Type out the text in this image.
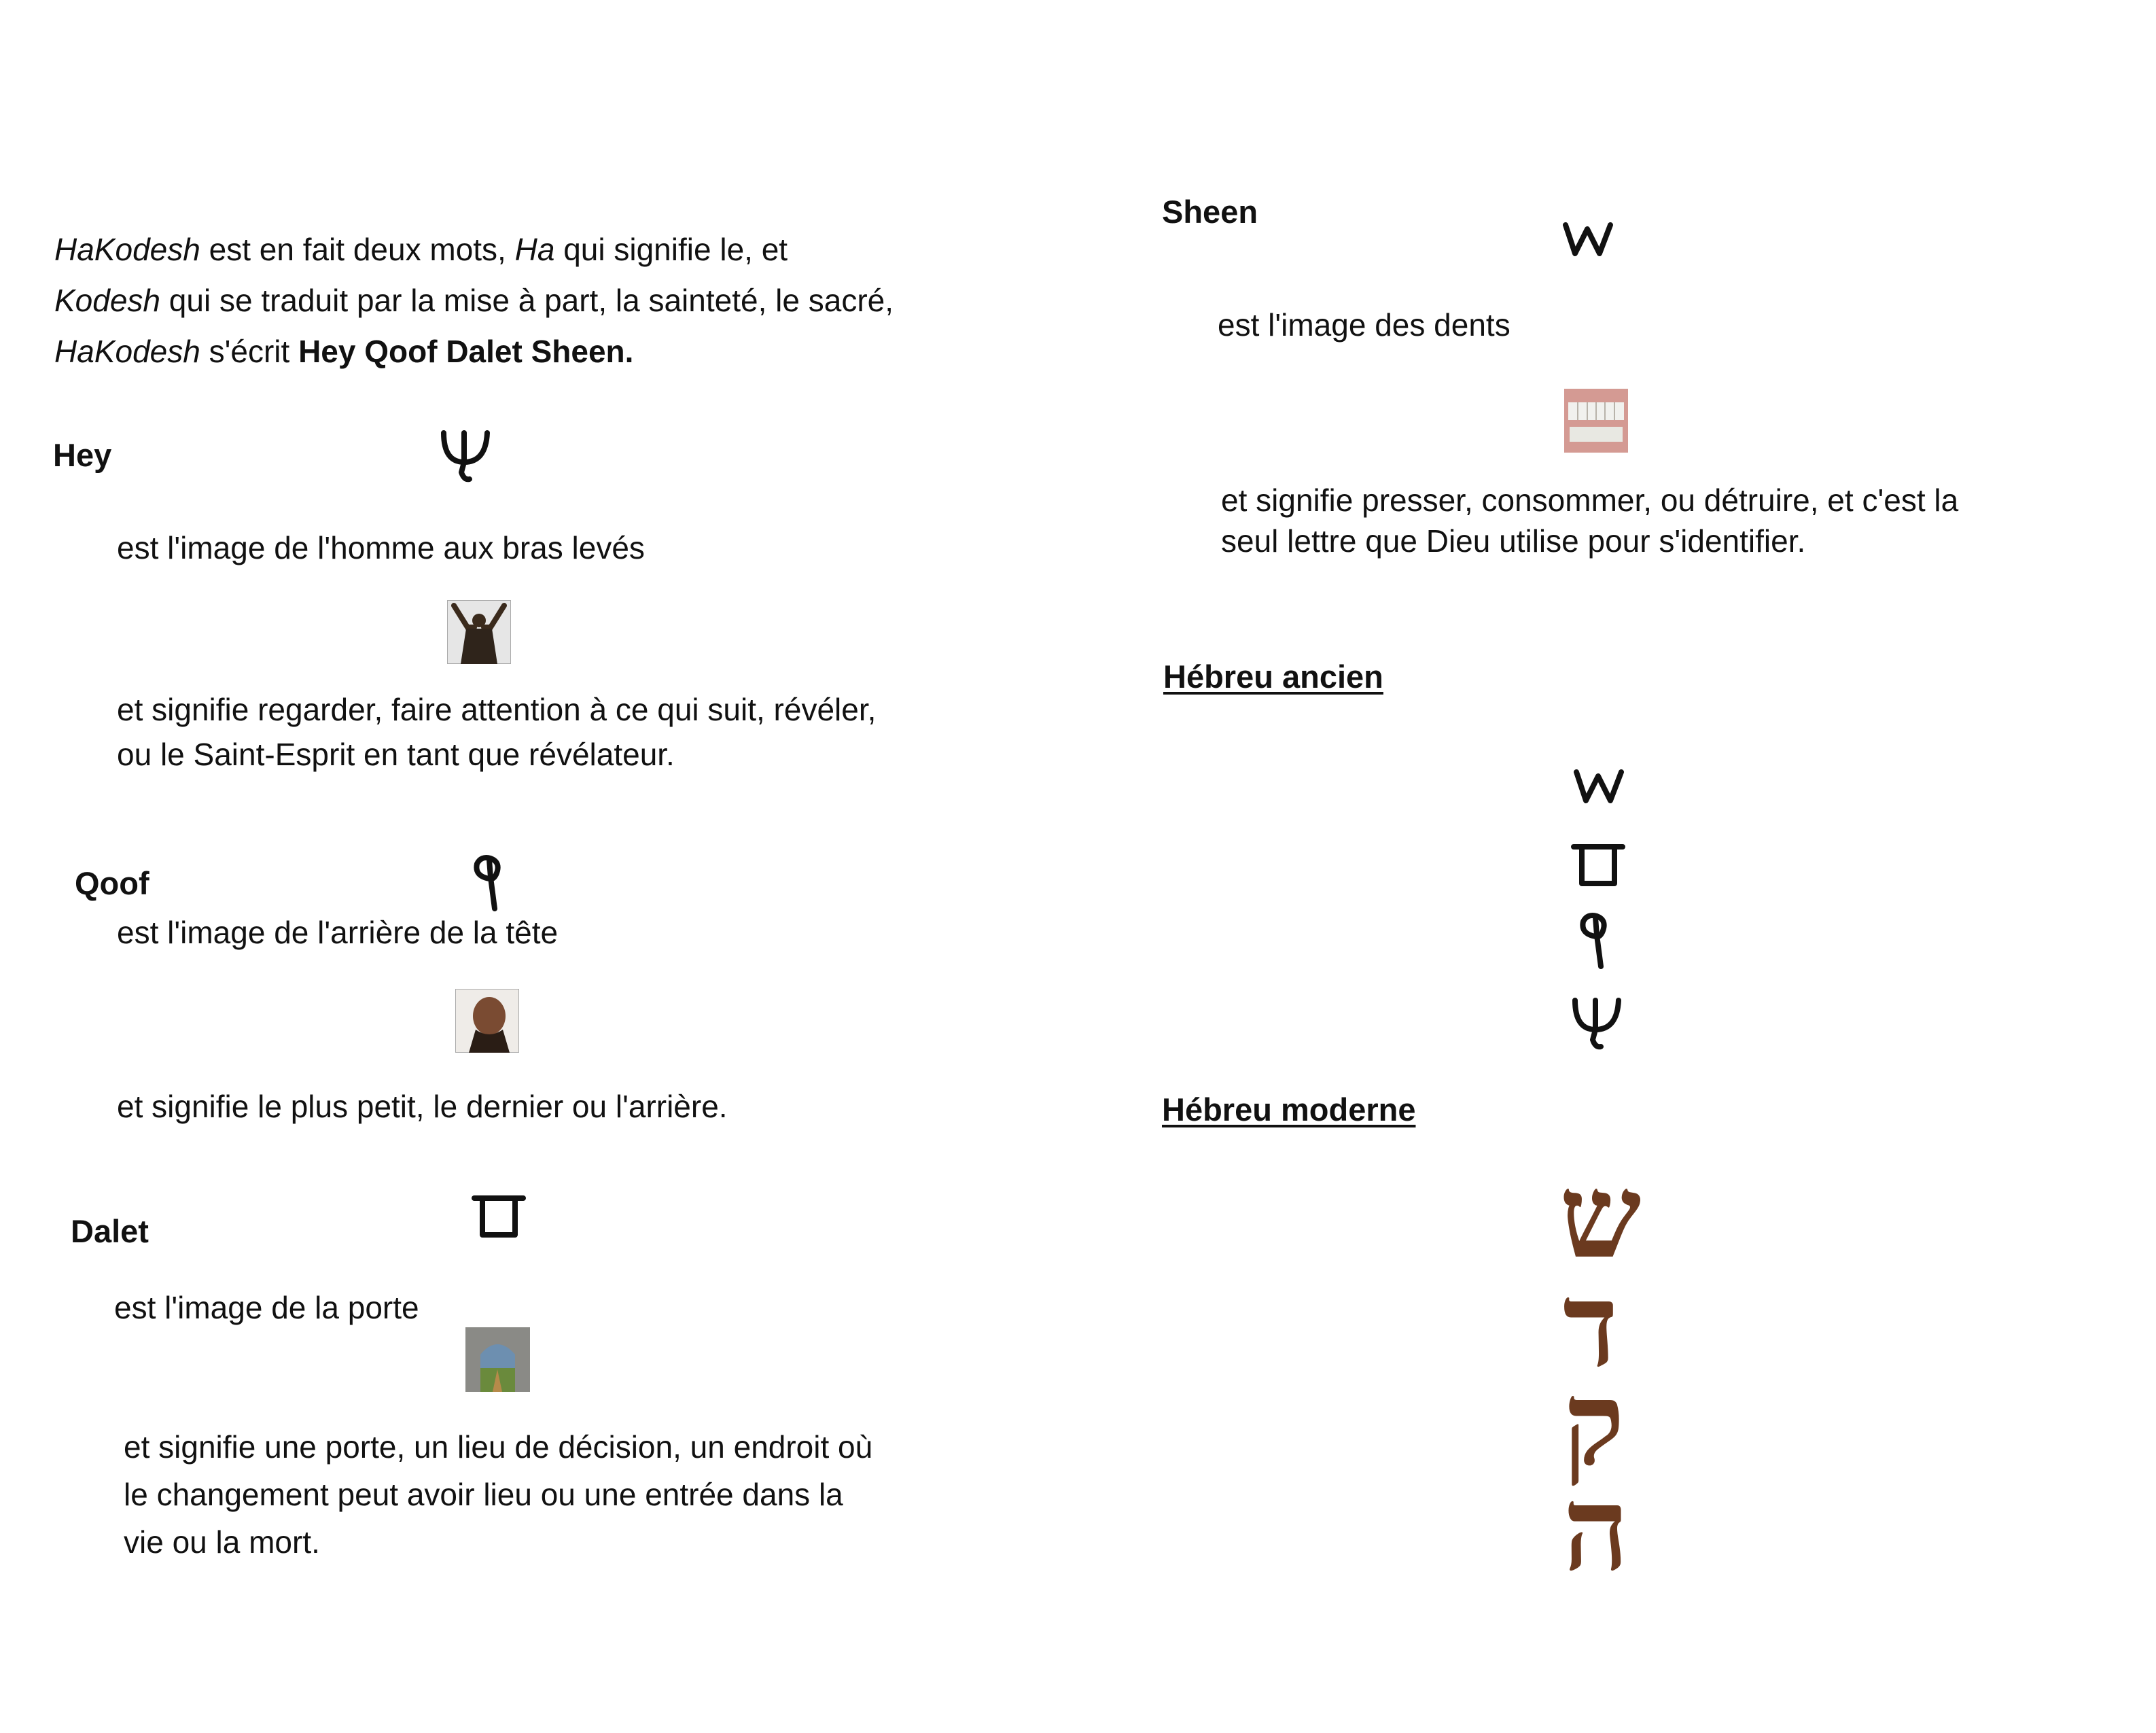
HaKodesh est en fait deux mots, Ha qui signifie le, et
Kodesh qui se traduit par la mise à part, la sainteté, le sacré,
HaKodesh s'écrit Hey Qoof Dalet Sheen.
Hey
est l'image de l'homme aux bras levés
et signifie regarder, faire attention à ce qui suit, révéler,
ou le Saint-Esprit en tant que révélateur.
Qoof
est l'image de l'arrière de la tête
et signifie le plus petit, le dernier ou l'arrière.
Dalet
est l'image de la porte
et signifie une porte, un lieu de décision, un endroit où
le changement peut avoir lieu ou une entrée dans la
vie ou la mort.
Sheen
est l'image des dents
et signifie presser, consommer, ou détruire, et c'est la
seul lettre que Dieu utilise pour s'identifier.
Hébreu ancien
Hébreu moderne
ש
ד
ק
ה
